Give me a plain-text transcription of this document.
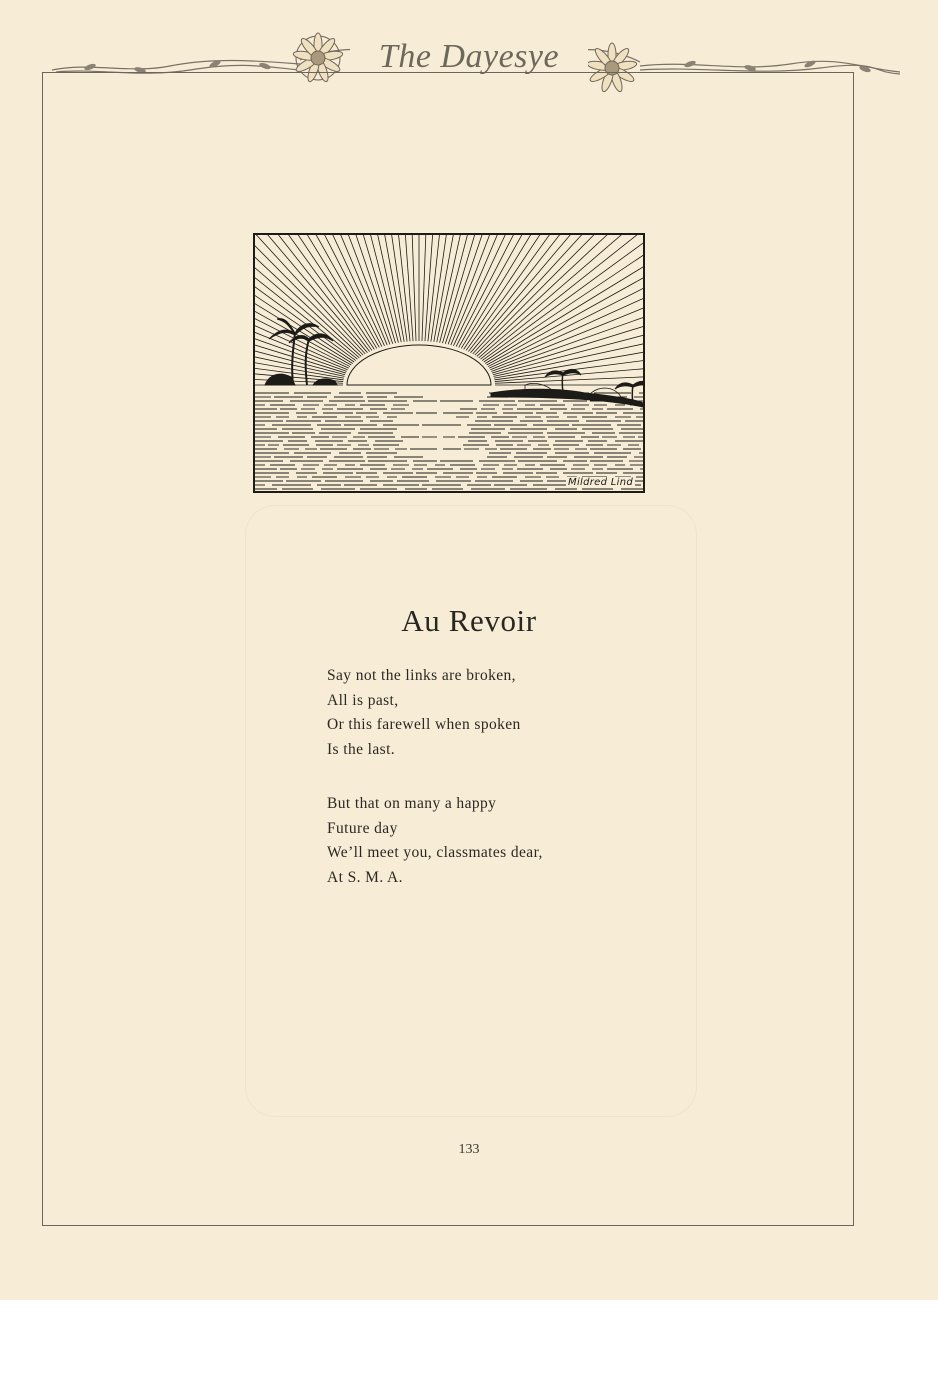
The Dayesye
Mildred Lind
Au Revoir
Say not the links are broken,
All is past,
Or this farewell when spoken
Is the last.
But that on many a happy
Future day
We’ll meet you, classmates dear,
At S. M. A.
133
